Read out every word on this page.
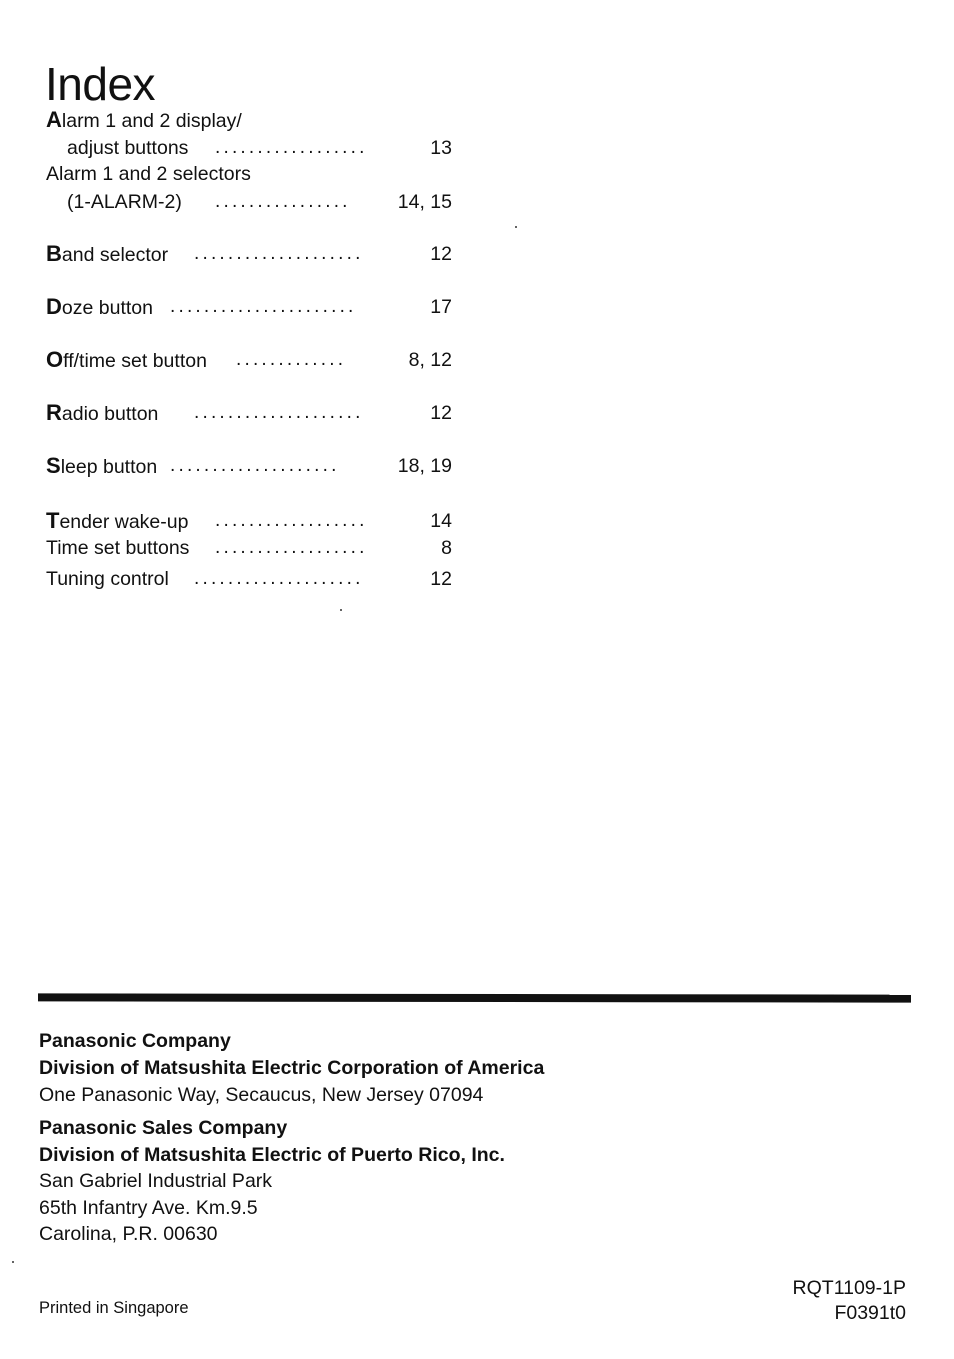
Index
Alarm 1 and 2 display/
adjust buttons ..................	13
Alarm 1 and 2 selectors
(1-ALARM-2) ................ 14, 15
Band selector ....................	12
Doze button ......................	17
Off/time set button .............	8, 12
Radio button ....................	12
Sleep button ....................	18, 19
Tender wake-up ..................	14
Time set buttons ..................	8
Tuning control ....................	12
Panasonic Company
Division of Matsushita Electric Corporation of America
One Panasonic Way, Secaucus, New Jersey 07094
Panasonic Sales Company
Division of Matsushita Electric of Puerto Rico, Inc.
San Gabriel Industrial Park
65th Infantry Ave. Km.9.5
Carolina, P.R. 00630
Printed in Singapore
RQT1109-1P
F0391t0
